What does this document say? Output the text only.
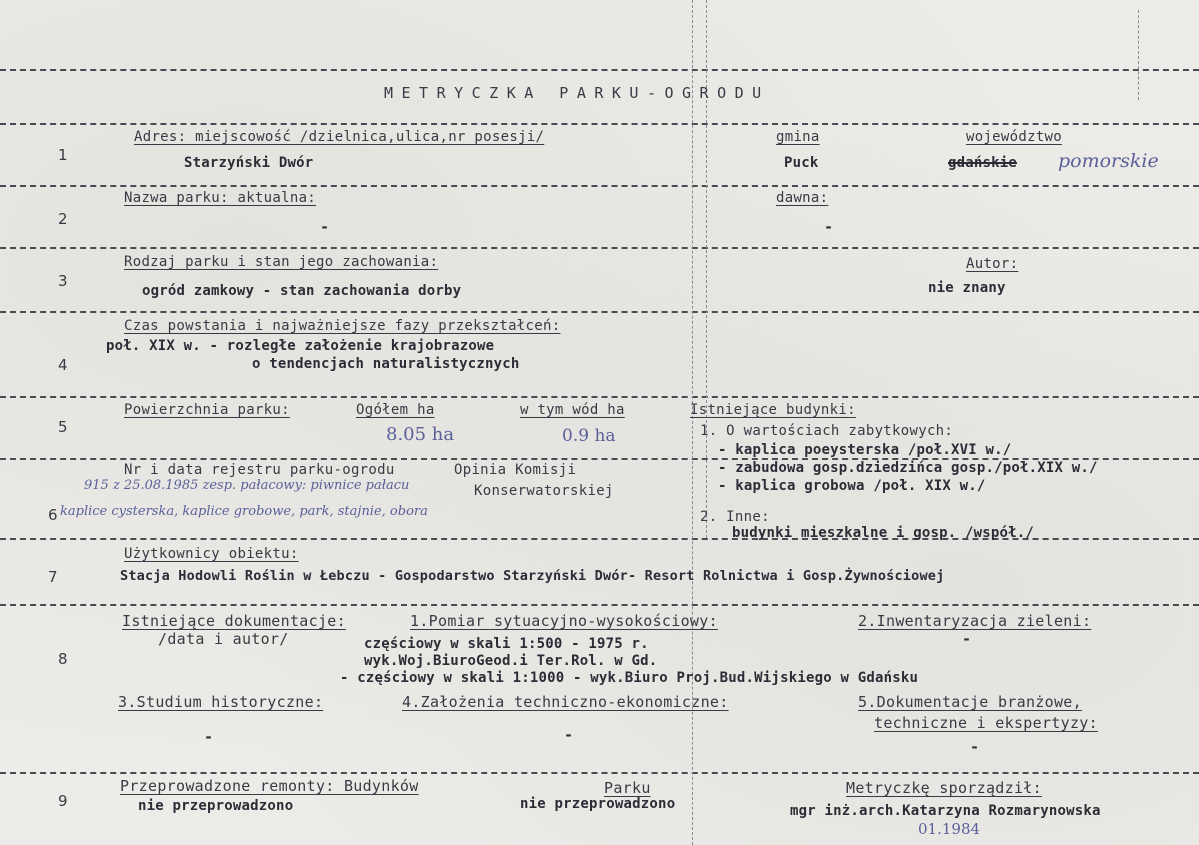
METRYCZKA PARKU-OGRODU
1
Adres: miejscowość /dzielnica,ulica,nr posesji/
Starzyński Dwór
gmina
Puck
województwo
gdańskie pomorskie
2
Nazwa parku: aktualna:
-
dawna:
-
3
Rodzaj parku i stan jego zachowania:
ogród zamkowy - stan zachowania dorby
Autor:
nie znany
4
Czas powstania i najważniejsze fazy przekształceń:
poł. XIX w. - rozległe założenie krajobrazowe
o tendencjach naturalistycznych
5
Powierzchnia parku:	Ogółem ha
8.05 ha
w tym wód ha
0.9 ha
Istniejące budynki:
1. O wartościach zabytkowych:
- kaplica poeysterska /poł.XVI w./
- zabudowa gosp.dziedzińca gosp./poł.XIX w./
- kaplica grobowa /poł. XIX w./
2. Inne:
budynki mieszkalne i gosp. /współ./
6
Nr i data rejestru parku-ogrodu	Opinia Komisji
Konserwatorskiej
915 z 25.08.1985 zesp. pałacowy: piwnice pałacu
kaplice cysterska, kaplice grobowe, park, stajnie, obora
7
Użytkownicy obiektu:
Stacja Hodowli Roślin w Łebczu - Gospodarstwo Starzyński Dwór- Resort Rolnictwa i Gosp.Żywnościowej
8
Istniejące dokumentacje:
/data i autor/
1.Pomiar sytuacyjno-wysokościowy:
częściowy w skali 1:500 - 1975 r.
wyk.Woj.BiuroGeod.i Ter.Rol. w Gd.
- częściowy w skali 1:1000 - wyk.Biuro Proj.Bud.Wijskiego w Gdańsku
2.Inwentaryzacja zieleni:
-
3.Studium historyczne:
-
4.Założenia techniczno-ekonomiczne:
-
5.Dokumentacje branżowe,
techniczne i ekspertyzy:
-
9
Przeprowadzone remonty: Budynków
nie przeprowadzono
Parku
nie przeprowadzono
Metryczkę sporządził:
mgr inż.arch.Katarzyna Rozmarynowska
01.1984
